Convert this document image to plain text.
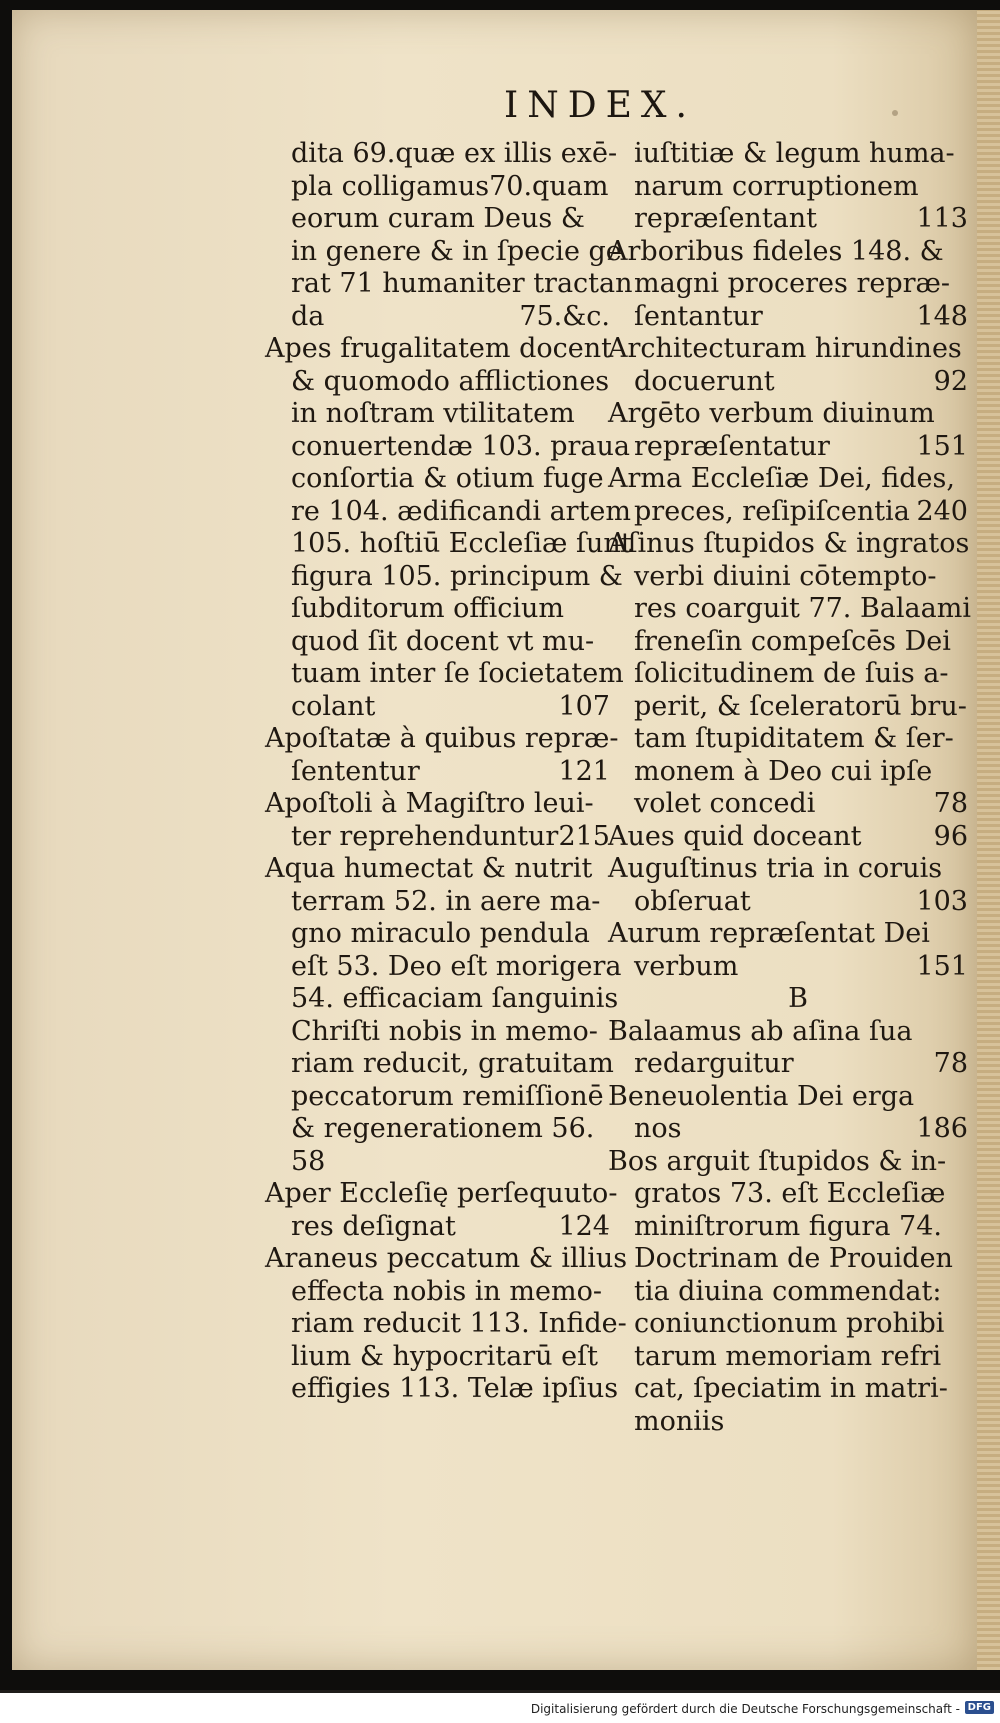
INDEX.
dita 69.quæ ex illis exē-
pla colligamus70.quam
eorum curam Deus &
in genere & in ſpecie ge
rat 71 humaniter tractan
da	75.&c.
Apes frugalitatem docent
& quomodo afflictiones
in noſtram vtilitatem
conuertendæ 103. praua
conſortia & otium fuge
re 104. ædificandi artem
105. hoſtiū Eccleſiæ ſunt
figura 105. principum &
ſubditorum officium
quod ſit docent vt mu-
tuam inter ſe ſocietatem
colant	107
Apoſtatæ à quibus repræ-
ſententur	121
Apoſtoli à Magiſtro leui-
ter reprehenduntur 215
Aqua humectat & nutrit
terram 52. in aere ma-
gno miraculo pendula
eſt 53. Deo eſt morigera
54. efficaciam ſanguinis
Chriſti nobis in memo-
riam reducit, gratuitam
peccatorum remiſſionē
& regenerationem 56.
58
Aper Eccleſię perſequuto-
res deſignat	124
Araneus peccatum & illius
effecta nobis in memo-
riam reducit 113. Infide-
lium & hypocritarū eſt
effigies 113. Telæ ipſius
iuſtitiæ & legum huma-
narum corruptionem
repræſentant	113
Arboribus fideles 148. &
magni proceres repræ-
ſentantur	148
Architecturam hirundines
docuerunt	92
Argēto verbum diuinum
repræſentatur	151
Arma Eccleſiæ Dei, fides,
preces, reſipiſcentia 240
Aſinus ſtupidos & ingratos
verbi diuini cōtempto-
res coarguit 77. Balaami
freneſin compeſcēs Dei
ſolicitudinem de ſuis a-
perit, & ſceleratorū bru-
tam ſtupiditatem & ſer-
monem à Deo cui ipſe
volet concedi	78
Aues quid doceant	96
Auguſtinus tria in coruis
obſeruat	103
Aurum repræſentat Dei
verbum	151
B
Balaamus ab aſina ſua
redarguitur	78
Beneuolentia Dei erga
nos	186
Bos arguit ſtupidos & in-
gratos 73. eſt Eccleſiæ
miniſtrorum figura 74.
Doctrinam de Prouiden
tia diuina commendat:
coniunctionum prohibi
tarum memoriam refri
cat, ſpeciatim in matri-
moniis
Digitalisierung gefördert durch die Deutsche Forschungsgemeinschaft - DFG
